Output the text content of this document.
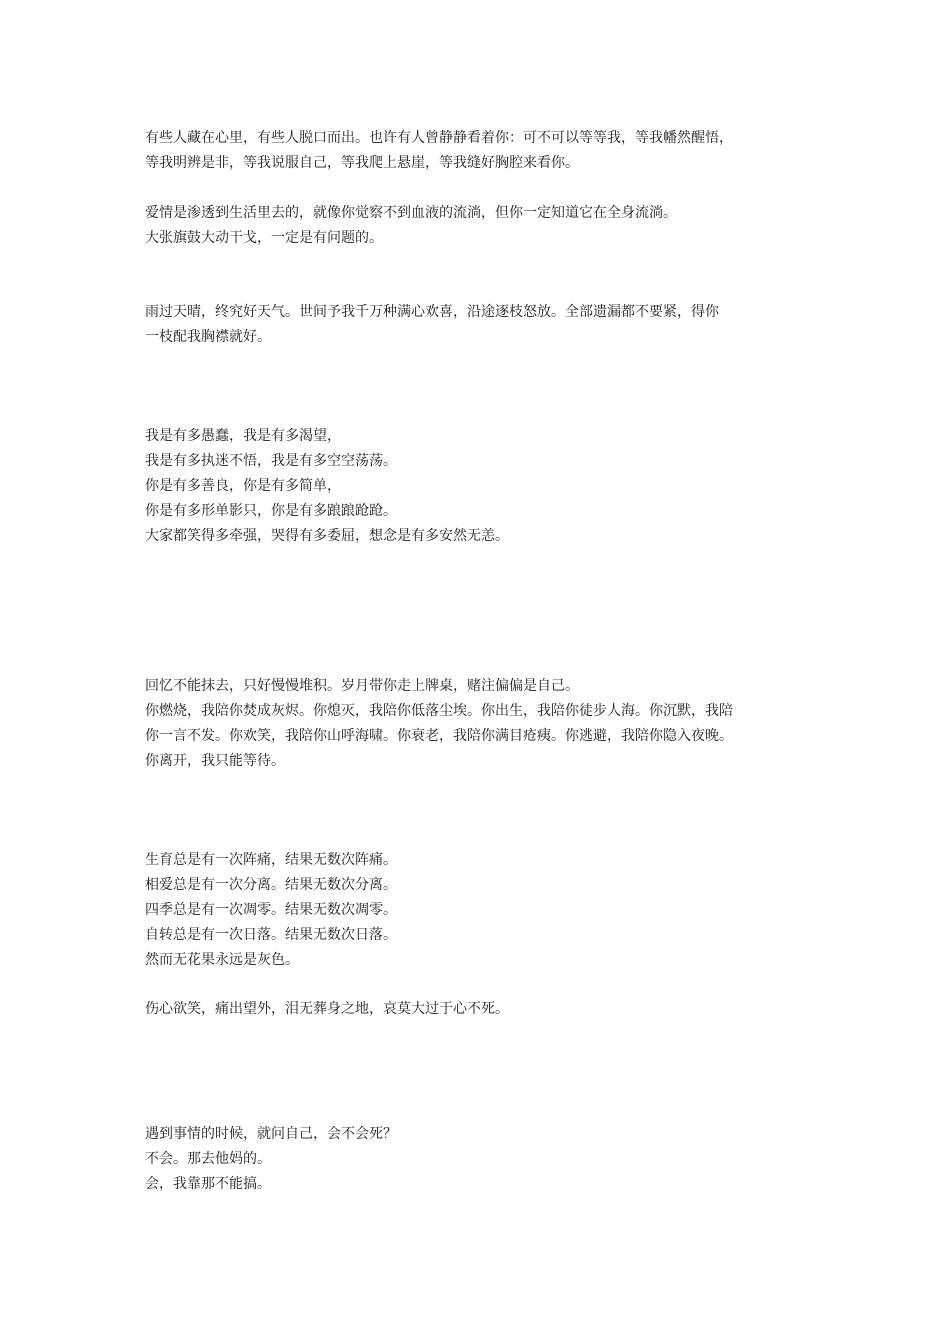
有些人藏在心里，有些人脱口而出。也许有人曾静静看着你：可不可以等等我，等我幡然醒悟，
等我明辨是非，等我说服自己，等我爬上悬崖，等我缝好胸腔来看你。
爱情是渗透到生活里去的，就像你觉察不到血液的流淌，但你一定知道它在全身流淌。
大张旗鼓大动干戈，一定是有问题的。
雨过天晴，终究好天气。世间予我千万种满心欢喜，沿途逐枝怒放。全部遗漏都不要紧，得你
一枝配我胸襟就好。
我是有多愚蠢，我是有多渴望，
我是有多执迷不悟，我是有多空空荡荡。
你是有多善良，你是有多简单，
你是有多形单影只，你是有多踉踉跄跄。
大家都笑得多牵强，哭得有多委屈，想念是有多安然无恙。
回忆不能抹去，只好慢慢堆积。岁月带你走上牌桌，赌注偏偏是自己。
你燃烧，我陪你焚成灰烬。你熄灭，我陪你低落尘埃。你出生，我陪你徒步人海。你沉默，我陪
你一言不发。你欢笑，我陪你山呼海啸。你衰老，我陪你满目疮痍。你逃避，我陪你隐入夜晚。
你离开，我只能等待。
生育总是有一次阵痛，结果无数次阵痛。
相爱总是有一次分离。结果无数次分离。
四季总是有一次凋零。结果无数次凋零。
自转总是有一次日落。结果无数次日落。
然而无花果永远是灰色。
伤心欲笑，痛出望外，泪无葬身之地，哀莫大过于心不死。
遇到事情的时候，就问自己，会不会死？
不会。那去他妈的。
会，我靠那不能搞。
